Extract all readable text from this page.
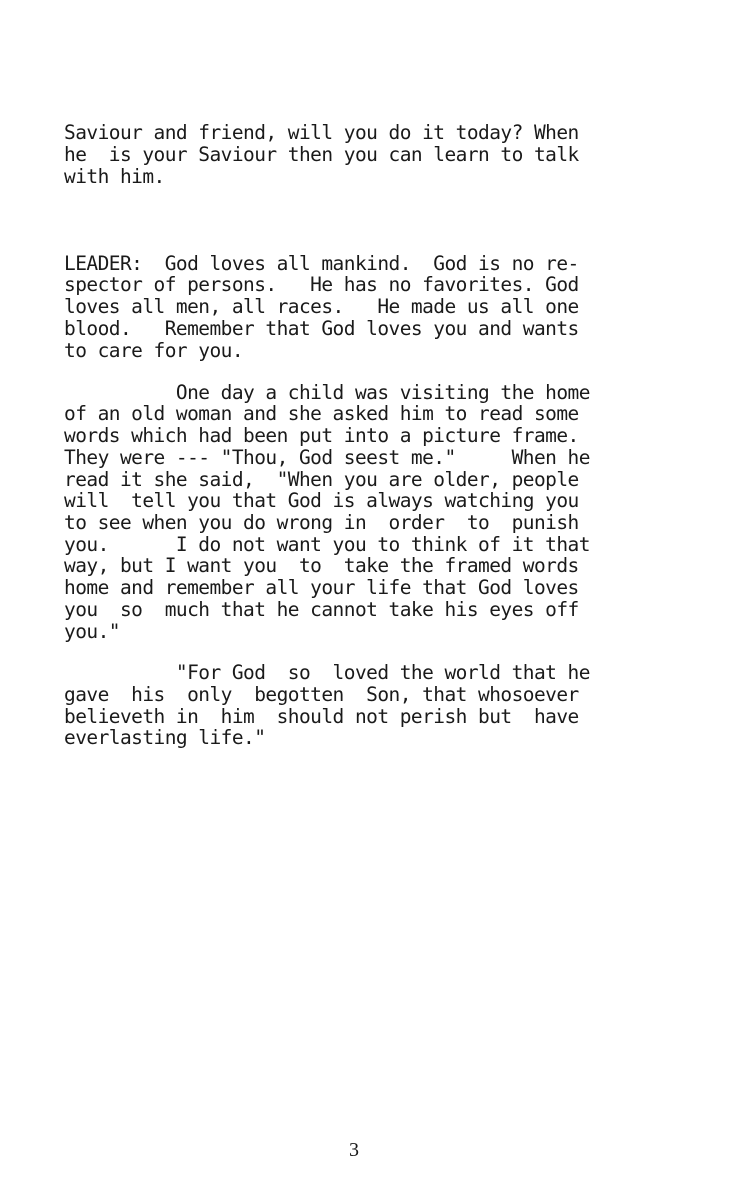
Saviour and friend, will you do it today? When
he  is your Saviour then you can learn to talk
with him.
LEADER:  God loves all mankind.  God is no re-
spector of persons.   He has no favorites. God
loves all men, all races.   He made us all one
blood.   Remember that God loves you and wants
to care for you.
One day a child was visiting the home
of an old woman and she asked him to read some
words which had been put into a picture frame.
They were --- "Thou, God seest me."     When he
read it she said,  "When you are older, people
will  tell you that God is always watching you
to see when you do wrong in  order  to  punish
you.      I do not want you to think of it that
way, but I want you  to  take the framed words
home and remember all your life that God loves
you  so  much that he cannot take his eyes off
you."
"For God  so  loved the world that he
gave  his  only  begotten  Son, that whosoever
believeth in  him  should not perish but  have
everlasting life."
3
